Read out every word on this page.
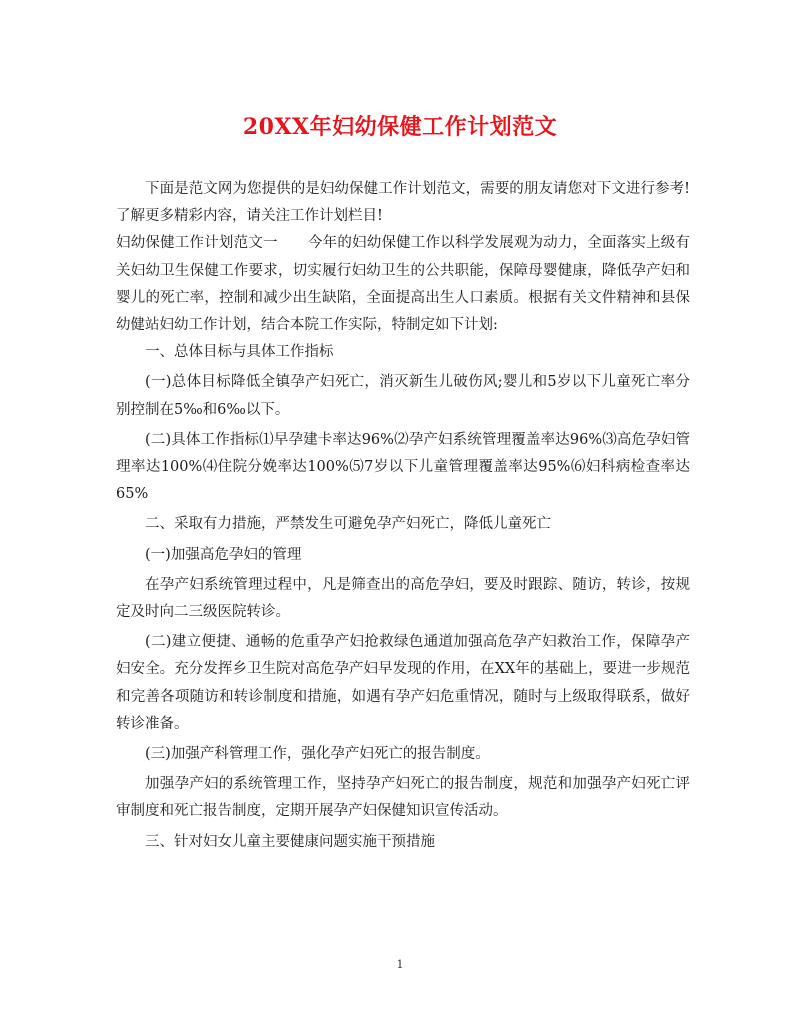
20XX年妇幼保健工作计划范文

下面是范文网为您提供的是妇幼保健工作计划范文，需要的朋友请您对下文进行参考!了解更多精彩内容，请关注工作计划栏目!

妇幼保健工作计划范文一 今年的妇幼保健工作以科学发展观为动力，全面落实上级有关妇幼卫生保健工作要求，切实履行妇幼卫生的公共职能，保障母婴健康，降低孕产妇和婴儿的死亡率，控制和减少出生缺陷，全面提高出生人口素质。根据有关文件精神和县保幼健站妇幼工作计划，结合本院工作实际，特制定如下计划:

一、总体目标与具体工作指标

(一)总体目标降低全镇孕产妇死亡，消灭新生儿破伤风;婴儿和5岁以下儿童死亡率分别控制在5‰和6‰以下。

(二)具体工作指标⑴早孕建卡率达96%⑵孕产妇系统管理覆盖率达96%⑶高危孕妇管理率达100%⑷住院分娩率达100%⑸7岁以下儿童管理覆盖率达95%⑹妇科病检查率达65%

二、采取有力措施，严禁发生可避免孕产妇死亡，降低儿童死亡

(一)加强高危孕妇的管理

在孕产妇系统管理过程中，凡是筛查出的高危孕妇，要及时跟踪、随访，转诊，按规定及时向二三级医院转诊。

(二)建立便捷、通畅的危重孕产妇抢救绿色通道加强高危孕产妇救治工作，保障孕产妇安全。充分发挥乡卫生院对高危孕产妇早发现的作用，在XX年的基础上，要进一步规范和完善各项随访和转诊制度和措施，如遇有孕产妇危重情况，随时与上级取得联系，做好转诊准备。

(三)加强产科管理工作，强化孕产妇死亡的报告制度。

加强孕产妇的系统管理工作，坚持孕产妇死亡的报告制度，规范和加强孕产妇死亡评审制度和死亡报告制度，定期开展孕产妇保健知识宣传活动。

三、针对妇女儿童主要健康问题实施干预措施

1
